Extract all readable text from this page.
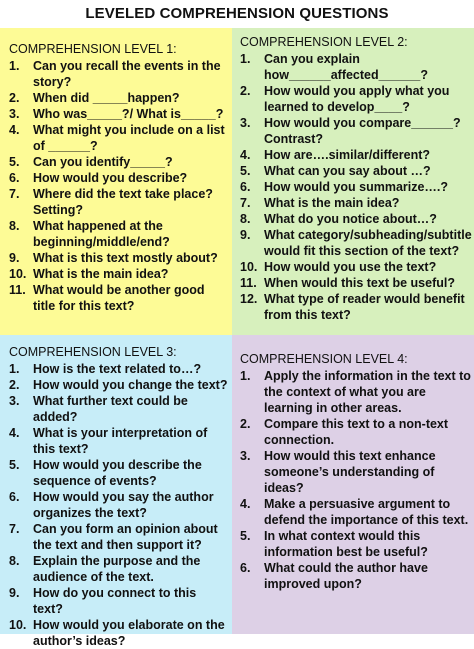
LEVELED COMPREHENSION QUESTIONS
COMPREHENSION LEVEL 1:
1.	Can you recall the events in the story?
2.	When did _____happen?
3.	Who was_____?/ What is_____?
4.	What might you include on a list of ______?
5.	Can you identify_____?
6.	How would you describe?
7.	Where did the text take place? Setting?
8.	What happened at the beginning/middle/end?
9.	What is this text mostly about?
10. What is the main idea?
11. What would be another good title for this text?
COMPREHENSION LEVEL 2:
1.	Can you explain how______affected______?
2.	How would you apply what you learned to develop____?
3.	How would you compare______? Contrast?
4.	How are….similar/different?
5.	What can you say about …?
6.	How would you summarize….?
7.	What is the main idea?
8.	What do you notice about…?
9.	What category/subheading/subtitle would fit this section of the text?
10. How would you use the text?
11. When would this text be useful?
12. What type of reader would benefit from this text?
COMPREHENSION LEVEL 3:
1.	How is the text related to…?
2.	How would you change the text?
3.	What further text could be added?
4.	What is your interpretation of this text?
5.	How would you describe the sequence of events?
6.	How would you say the author organizes the text?
7.	Can you form an opinion about the text and then support it?
8.	Explain the purpose and the audience of the text.
9.	How do you connect to this text?
10. How would you elaborate on the author’s ideas?
COMPREHENSION LEVEL 4:
1.	Apply the information in the text to the context of what you are learning in other areas.
2.	Compare this text to a non-text connection.
3.	How would this text enhance someone’s understanding of ideas?
4.	Make a persuasive argument to defend the importance of this text.
5.	In what context would this information best be useful?
6.	What could the author have improved upon?
